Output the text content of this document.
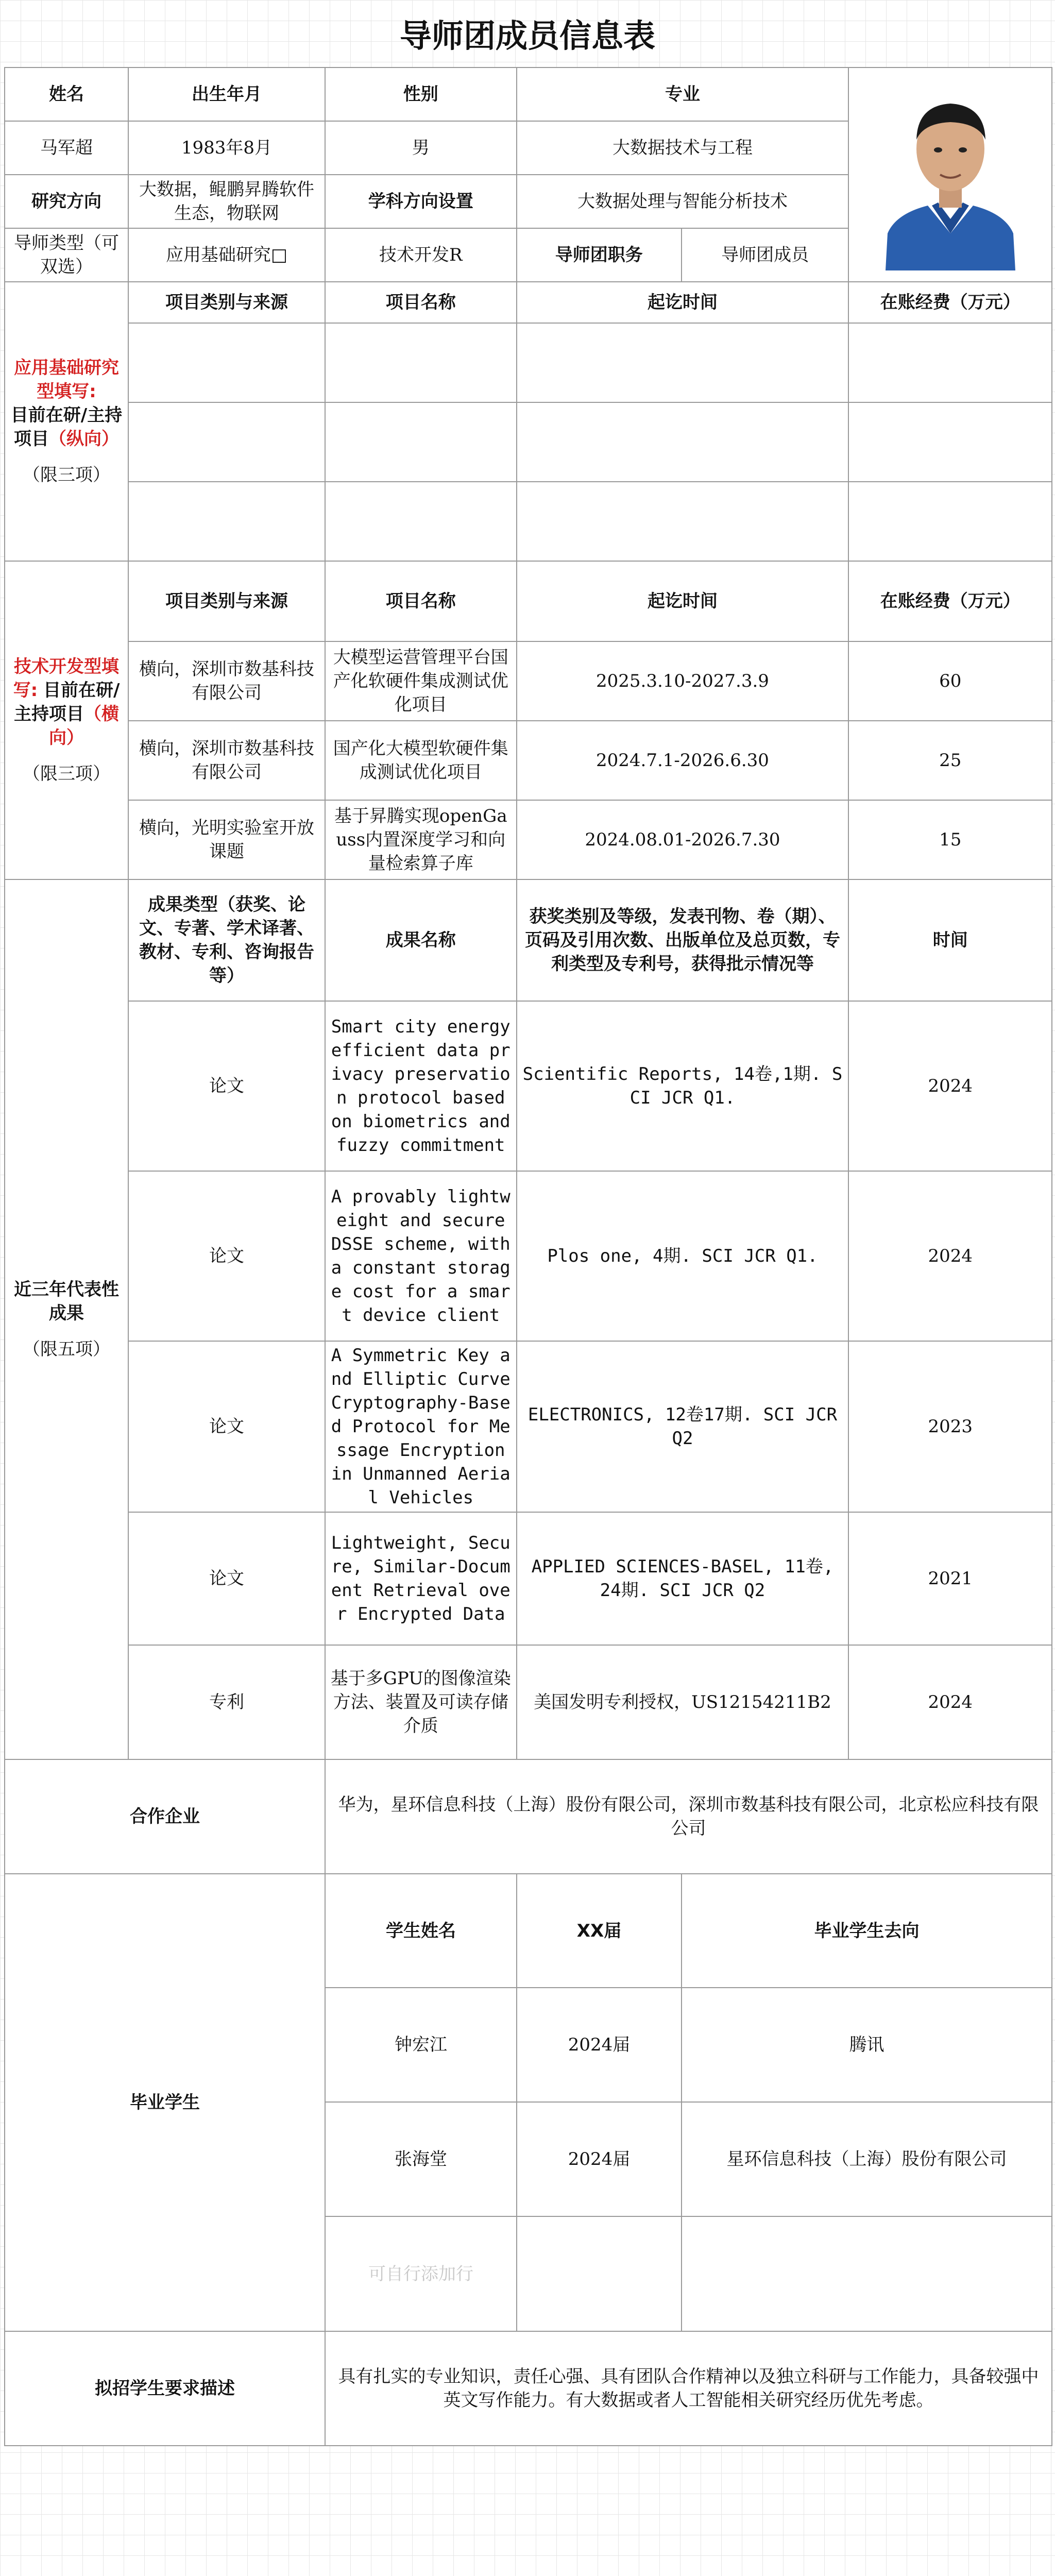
导师团成员信息表
姓名	出生年月	性别	专业	

马军超	1983年8月	男	大数据技术与工程
研究方向	大数据，鲲鹏昇腾软件生态，物联网	学科方向设置	大数据处理与智能分析技术
导师类型（可双选）	应用基础研究□	技术开发R	导师团职务	导师团成员

应用基础研究型填写:
目前在研/主持项目（纵向）
（限三项）
	项目类别与来源	项目名称	起讫时间	在账经费（万元）

技术开发型填写: 目前在研/主持项目（横向）
（限三项）
	项目类别与来源	项目名称	起讫时间	在账经费（万元）
横向，深圳市数基科技有限公司	大模型运营管理平台国产化软硬件集成测试优化项目	2025.3.10-2027.3.9	60
横向，深圳市数基科技有限公司	国产化大模型软硬件集成测试优化项目	2024.7.1-2026.6.30	25
横向，光明实验室开放课题	基于昇腾实现openGauss内置深度学习和向量检索算子库	2024.08.01-2026.7.30	15

近三年代表性成果
（限五项）
	成果类型（获奖、论文、专著、学术译著、教材、专利、咨询报告等）	成果名称	获奖类别及等级，发表刊物、卷（期）、页码及引用次数、出版单位及总页数，专利类型及专利号，获得批示情况等	时间
论文	Smart city energy efficient data privacy preservation protocol based on biometrics and fuzzy commitment	Scientific Reports, 14卷,1期. SCI JCR Q1.	2024
论文	A provably lightweight and secure DSSE scheme, with a constant storage cost for a smart device client	Plos one, 4期. SCI JCR Q1.	2024
论文	A Symmetric Key and Elliptic Curve Cryptography-Based Protocol for Message Encryption in Unmanned Aerial Vehicles	ELECTRONICS, 12卷17期. SCI JCR Q2	2023
论文	Lightweight, Secure, Similar-Document Retrieval over Encrypted Data	APPLIED SCIENCES-BASEL, 11卷, 24期. SCI JCR Q2	2021
专利	基于多GPU的图像渲染方法、装置及可读存储介质	美国发明专利授权，US12154211B2	2024
合作企业	华为，星环信息科技（上海）股份有限公司，深圳市数基科技有限公司，北京松应科技有限公司
毕业学生	
学生姓名	XX届	毕业学生去向
钟宏江	2024届	腾讯
张海堂	2024届	星环信息科技（上海）股份有限公司
可自行添加行		

拟招学生要求描述	具有扎实的专业知识，责任心强、具有团队合作精神以及独立科研与工作能力，具备较强中英文写作能力。有大数据或者人工智能相关研究经历优先考虑。
